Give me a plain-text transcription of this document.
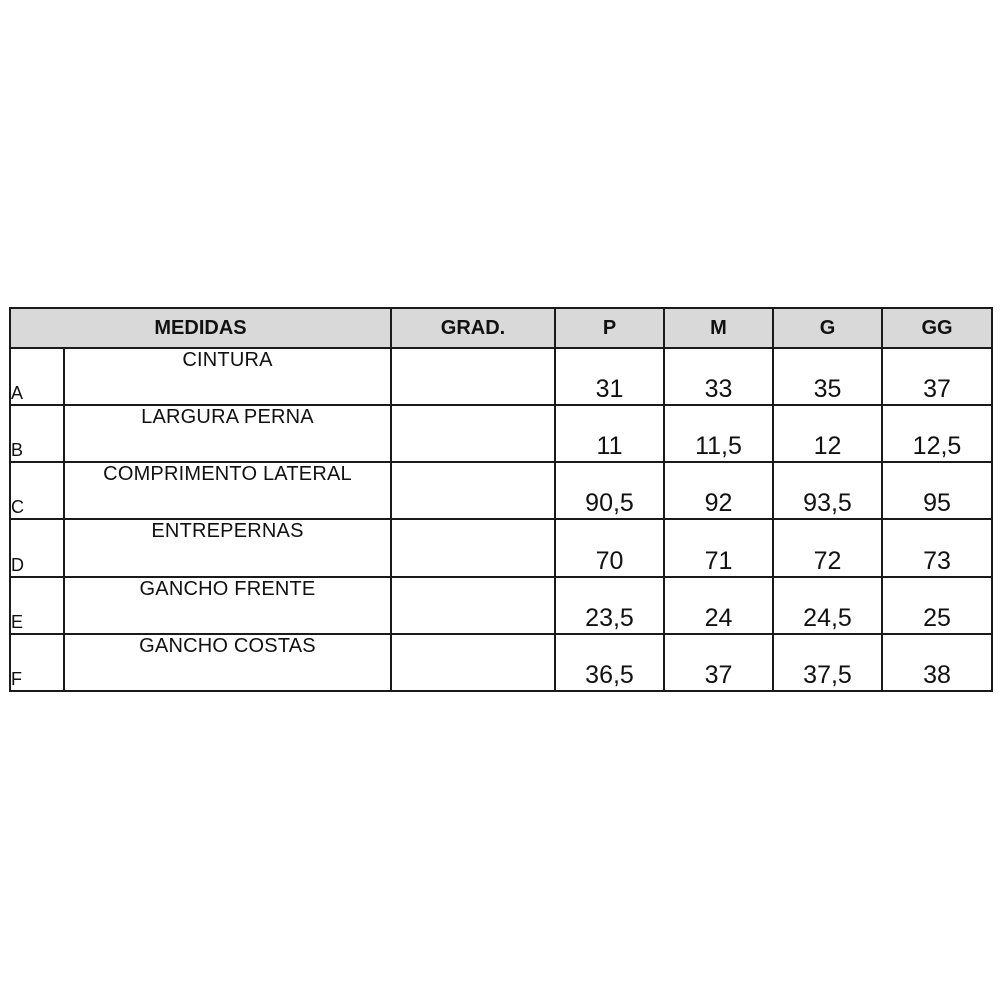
MEDIDAS		GRAD.	P	M	G	GG
A	CINTURA		31	33	35	37
B	LARGURA PERNA		11	11,5	12	12,5
C	COMPRIMENTO LATERAL		90,5	92	93,5	95
D	ENTREPERNAS		70	71	72	73
E	GANCHO FRENTE		23,5	24	24,5	25
F	GANCHO COSTAS		36,5	37	37,5	38
